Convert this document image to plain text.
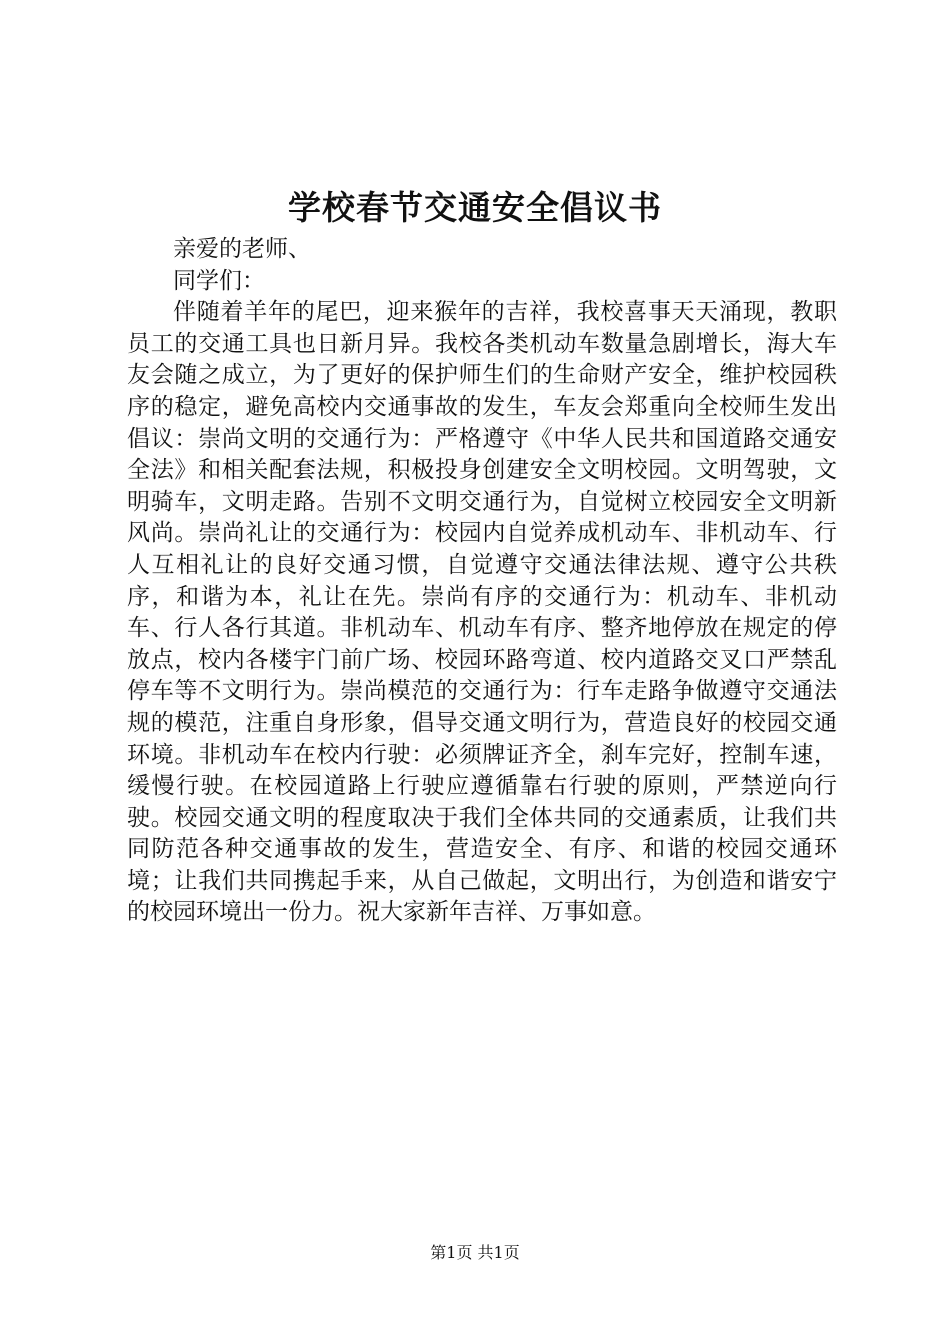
学校春节交通安全倡议书

亲爱的老师、

同学们：

伴随着羊年的尾巴，迎来猴年的吉祥，我校喜事天天涌现，教职员工的交通工具也日新月异。我校各类机动车数量急剧增长，海大车友会随之成立，为了更好的保护师生们的生命财产安全，维护校园秩序的稳定，避免高校内交通事故的发生，车友会郑重向全校师生发出倡议：崇尚文明的交通行为：严格遵守《中华人民共和国道路交通安全法》和相关配套法规，积极投身创建安全文明校园。文明驾驶，文明骑车，文明走路。告别不文明交通行为，自觉树立校园安全文明新风尚。崇尚礼让的交通行为：校园内自觉养成机动车、非机动车、行人互相礼让的良好交通习惯，自觉遵守交通法律法规、遵守公共秩序，和谐为本，礼让在先。崇尚有序的交通行为：机动车、非机动车、行人各行其道。非机动车、机动车有序、整齐地停放在规定的停放点，校内各楼宇门前广场、校园环路弯道、校内道路交叉口严禁乱停车等不文明行为。崇尚模范的交通行为：行车走路争做遵守交通法规的模范，注重自身形象，倡导交通文明行为，营造良好的校园交通环境。非机动车在校内行驶：必须牌证齐全，刹车完好，控制车速，缓慢行驶。在校园道路上行驶应遵循靠右行驶的原则，严禁逆向行驶。校园交通文明的程度取决于我们全体共同的交通素质，让我们共同防范各种交通事故的发生，营造安全、有序、和谐的校园交通环境；让我们共同携起手来，从自己做起，文明出行，为创造和谐安宁的校园环境出一份力。祝大家新年吉祥、万事如意。

第1页 共1页
